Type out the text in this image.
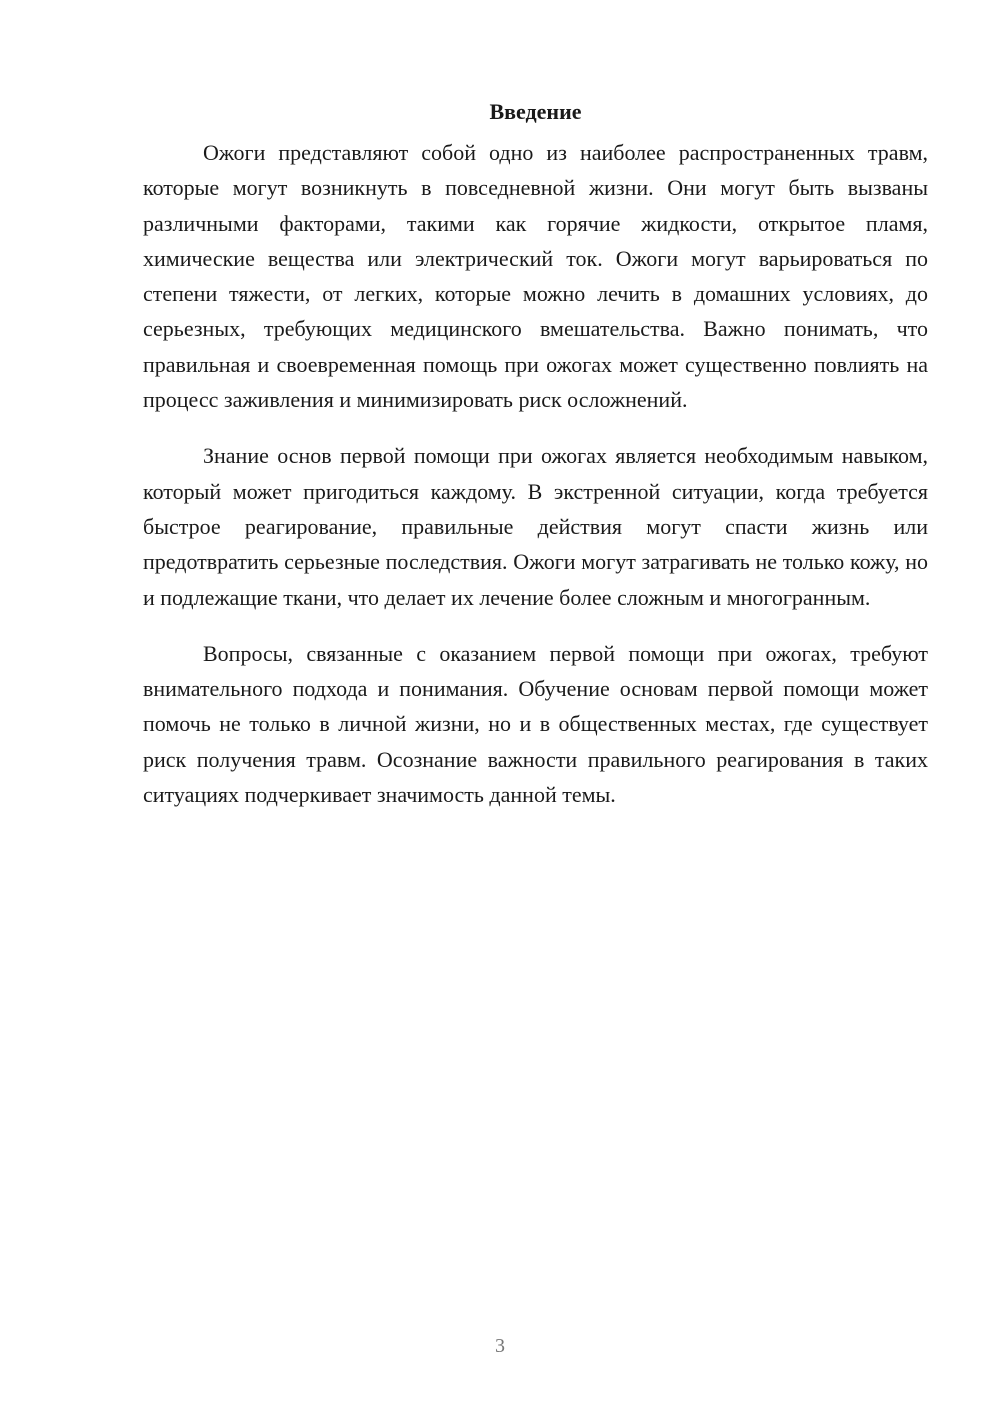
Введение

Ожоги представляют собой одно из наиболее распространенных травм, которые могут возникнуть в повседневной жизни. Они могут быть вызваны различными факторами, такими как горячие жидкости, открытое пламя, химические вещества или электрический ток. Ожоги могут варьироваться по степени тяжести, от легких, которые можно лечить в домашних условиях, до серьезных, требующих медицинского вмешательства. Важно понимать, что правильная и своевременная помощь при ожогах может существенно повлиять на процесс заживления и минимизировать риск осложнений.

Знание основ первой помощи при ожогах является необходимым навыком, который может пригодиться каждому. В экстренной ситуации, когда требуется быстрое реагирование, правильные действия могут спасти жизнь или предотвратить серьезные последствия. Ожоги могут затрагивать не только кожу, но и подлежащие ткани, что делает их лечение более сложным и многогранным.

Вопросы, связанные с оказанием первой помощи при ожогах, требуют внимательного подхода и понимания. Обучение основам первой помощи может помочь не только в личной жизни, но и в общественных местах, где существует риск получения травм. Осознание важности правильного реагирования в таких ситуациях подчеркивает значимость данной темы.

3
